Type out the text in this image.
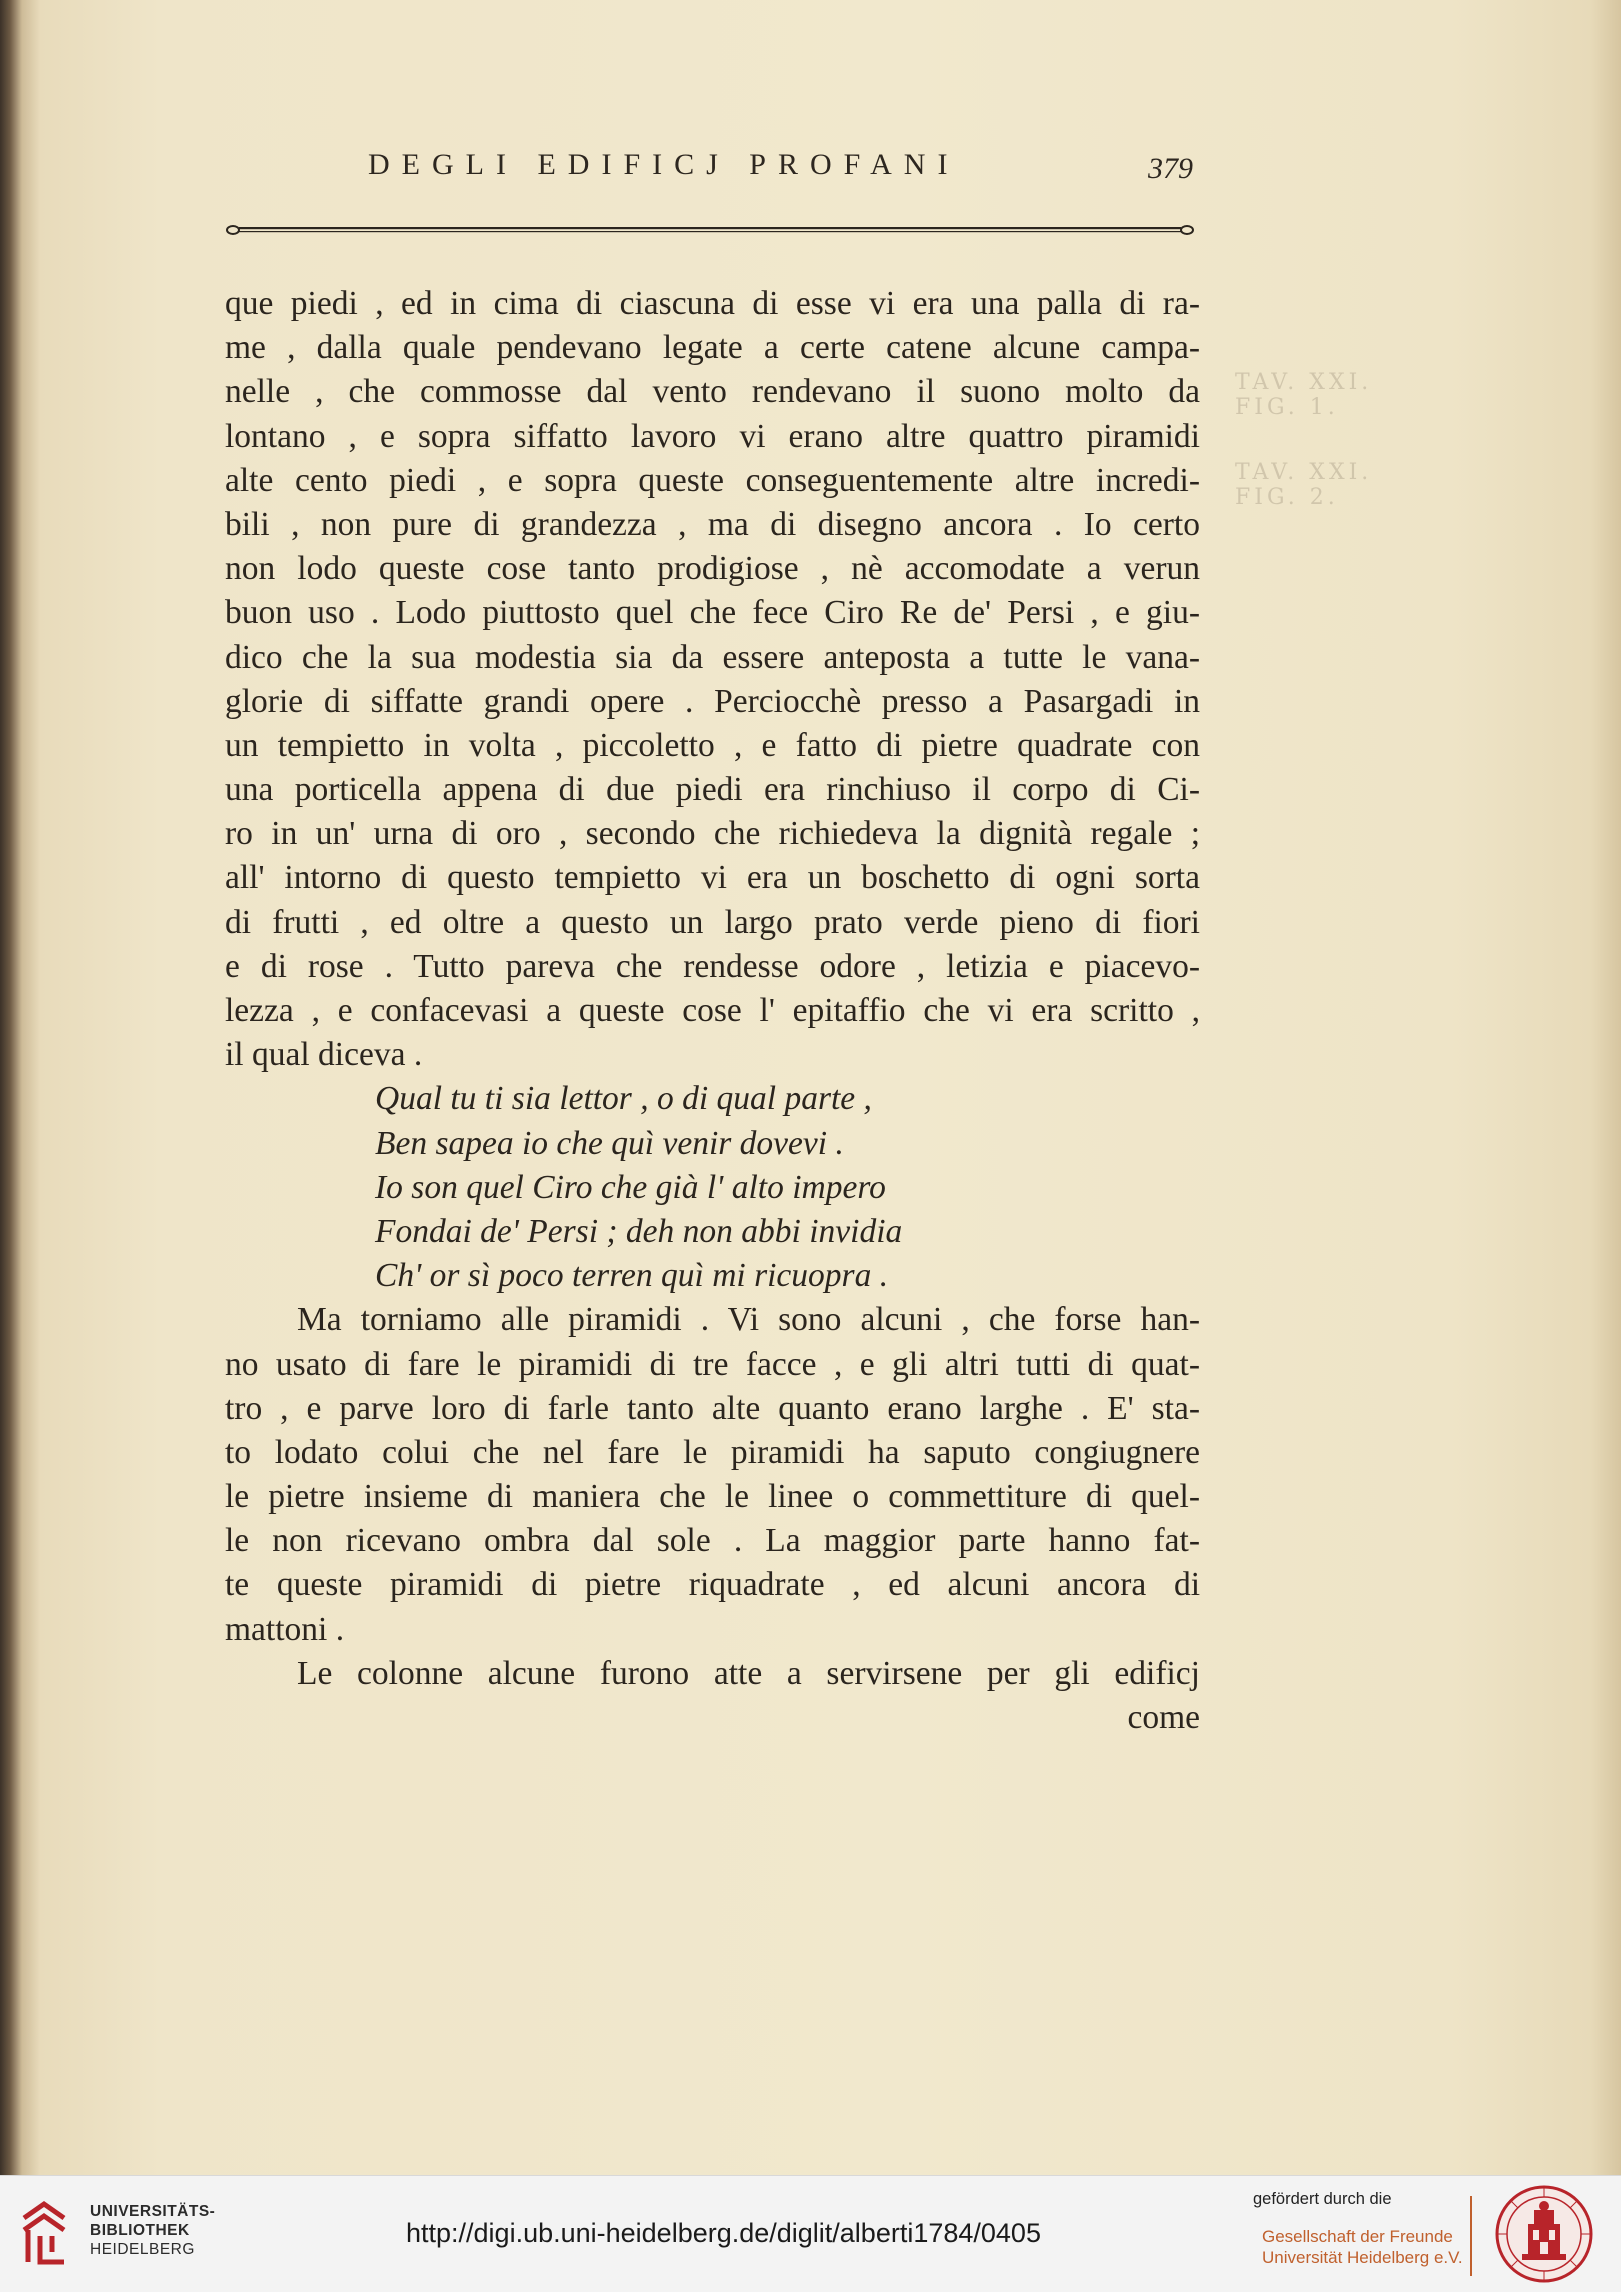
TAV. XXI. FIG. 1.
TAV. XXI. FIG. 2.
DEGLI EDIFICJ PROFANI	379
que piedi , ed in cima di ciascuna di esse vi era una palla di ra-
me , dalla quale pendevano legate a certe catene alcune campa-
nelle , che commosse dal vento rendevano il suono molto da
lontano , e sopra siffatto lavoro vi erano altre quattro piramidi
alte cento piedi , e sopra queste conseguentemente altre incredi-
bili , non pure di grandezza , ma di disegno ancora . Io certo
non lodo queste cose tanto prodigiose , nè accomodate a verun
buon uso . Lodo piuttosto quel che fece Ciro Re de' Persi , e giu-
dico che la sua modestia sia da essere anteposta a tutte le vana-
glorie di siffatte grandi opere . Perciocchè presso a Pasargadi in
un tempietto in volta , piccoletto , e fatto di pietre quadrate con
una porticella appena di due piedi era rinchiuso il corpo di Ci-
ro in un' urna di oro , secondo che richiedeva la dignità regale ;
all' intorno di questo tempietto vi era un boschetto di ogni sorta
di frutti , ed oltre a questo un largo prato verde pieno di fiori
e di rose . Tutto pareva che rendesse odore , letizia e piacevo-
lezza , e confacevasi a queste cose l' epitaffio che vi era scritto ,
il qual diceva .
Qual tu ti sia lettor , o di qual parte ,
Ben sapea io che quì venir dovevi .
Io son quel Ciro che già l' alto impero
Fondai de' Persi ; deh non abbi invidia
Ch' or sì poco terren quì mi ricuopra .
Ma torniamo alle piramidi . Vi sono alcuni , che forse han-
no usato di fare le piramidi di tre facce , e gli altri tutti di quat-
tro , e parve loro di farle tanto alte quanto erano larghe . E' sta-
to lodato colui che nel fare le piramidi ha saputo congiugnere
le pietre insieme di maniera che le linee o commettiture di quel-
le non ricevano ombra dal sole . La maggior parte hanno fat-
te queste piramidi di pietre riquadrate , ed alcuni ancora di
mattoni .
Le colonne alcune furono atte a servirsene per gli edificj
come
UNIVERSITÄTS-
BIBLIOTHEK
HEIDELBERG
http://digi.ub.uni-heidelberg.de/diglit/alberti1784/0405
gefördert durch die
Gesellschaft der Freunde
Universität Heidelberg e.V.
